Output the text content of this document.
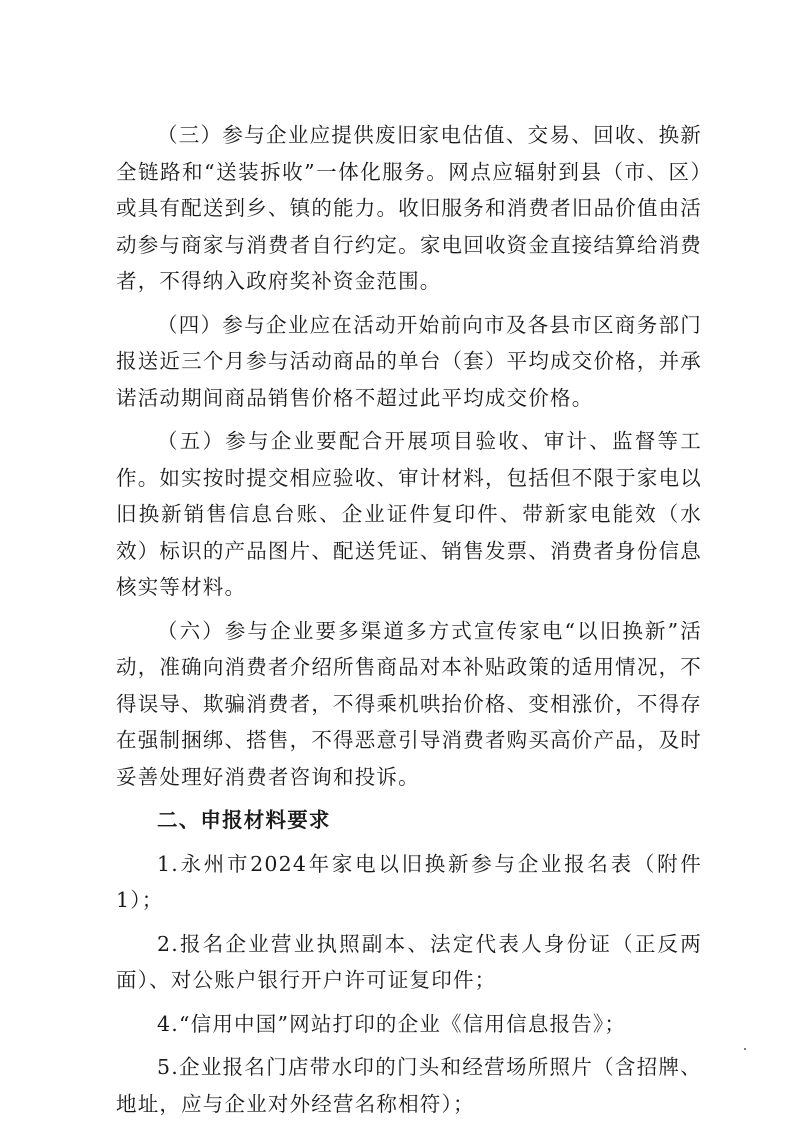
（三）参与企业应提供废旧家电估值、交易、回收、换新全链路和“送装拆收”一体化服务。网点应辐射到县（市、区）或具有配送到乡、镇的能力。收旧服务和消费者旧品价值由活动参与商家与消费者自行约定。家电回收资金直接结算给消费者，不得纳入政府奖补资金范围。

（四）参与企业应在活动开始前向市及各县市区商务部门报送近三个月参与活动商品的单台（套）平均成交价格，并承诺活动期间商品销售价格不超过此平均成交价格。

（五）参与企业要配合开展项目验收、审计、监督等工作。如实按时提交相应验收、审计材料，包括但不限于家电以旧换新销售信息台账、企业证件复印件、带新家电能效（水效）标识的产品图片、配送凭证、销售发票、消费者身份信息核实等材料。

（六）参与企业要多渠道多方式宣传家电“以旧换新”活动，准确向消费者介绍所售商品对本补贴政策的适用情况，不得误导、欺骗消费者，不得乘机哄抬价格、变相涨价，不得存在强制捆绑、搭售，不得恶意引导消费者购买高价产品，及时妥善处理好消费者咨询和投诉。

二、申报材料要求

1.永州市2024年家电以旧换新参与企业报名表（附件1）；

2.报名企业营业执照副本、法定代表人身份证（正反两面）、对公账户银行开户许可证复印件；

4.“信用中国”网站打印的企业《信用信息报告》；

5.企业报名门店带水印的门头和经营场所照片（含招牌、地址，应与企业对外经营名称相符）；
